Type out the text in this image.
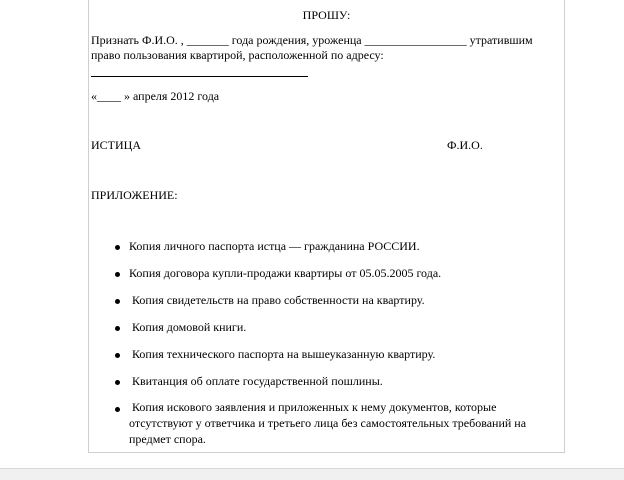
ПРОШУ:
Признать Ф.И.О. , _______ года рождения, уроженца _________________ утратившим
право пользования квартирой, расположенной по адресу:
«____ » апреля 2012 года
ИСТИЦА	Ф.И.О.
ПРИЛОЖЕНИЕ:
Копия личного паспорта истца — гражданина РОССИИ.
Копия договора купли-продажи квартиры от 05.05.2005 года.
Копия свидетельств на право собственности на квартиру.
Копия домовой книги.
Копия технического паспорта на вышеуказанную квартиру.
Квитанция об оплате государственной пошлины.
Копия искового заявления и приложенных к нему документов, которые отсутствуют у ответчика и третьего лица без самостоятельных требований на предмет спора.
